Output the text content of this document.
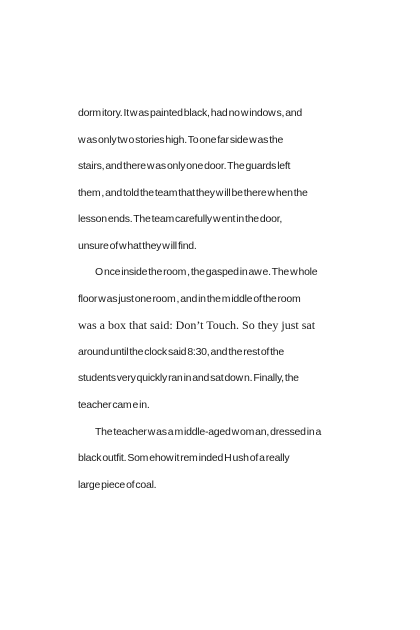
dorm itory. It w as painted black, had no w indow s, and
w as only tw o stories high. To one far side w as the
stairs, and there w as only one door. The guards left
them , and told the team that they w ill be there w hen the
lesson ends. The team carefully w ent in the door,
unsure of w hat they w ill find.
O nce inside the room , the gasped in aw e. The w hole
floor w as just one room , and in the m iddle of the room
was a box that said: Don’t Touch. So they just sat
around until the clock said 8:30, and the rest of the
students very quickly ran in and sat dow n. Finally, the
teacher cam e in.
The teacher w as a m iddle-aged w om an, dressed in a
black outfit. Som ehow it rem inded H ush of a really
large piece of coal.
